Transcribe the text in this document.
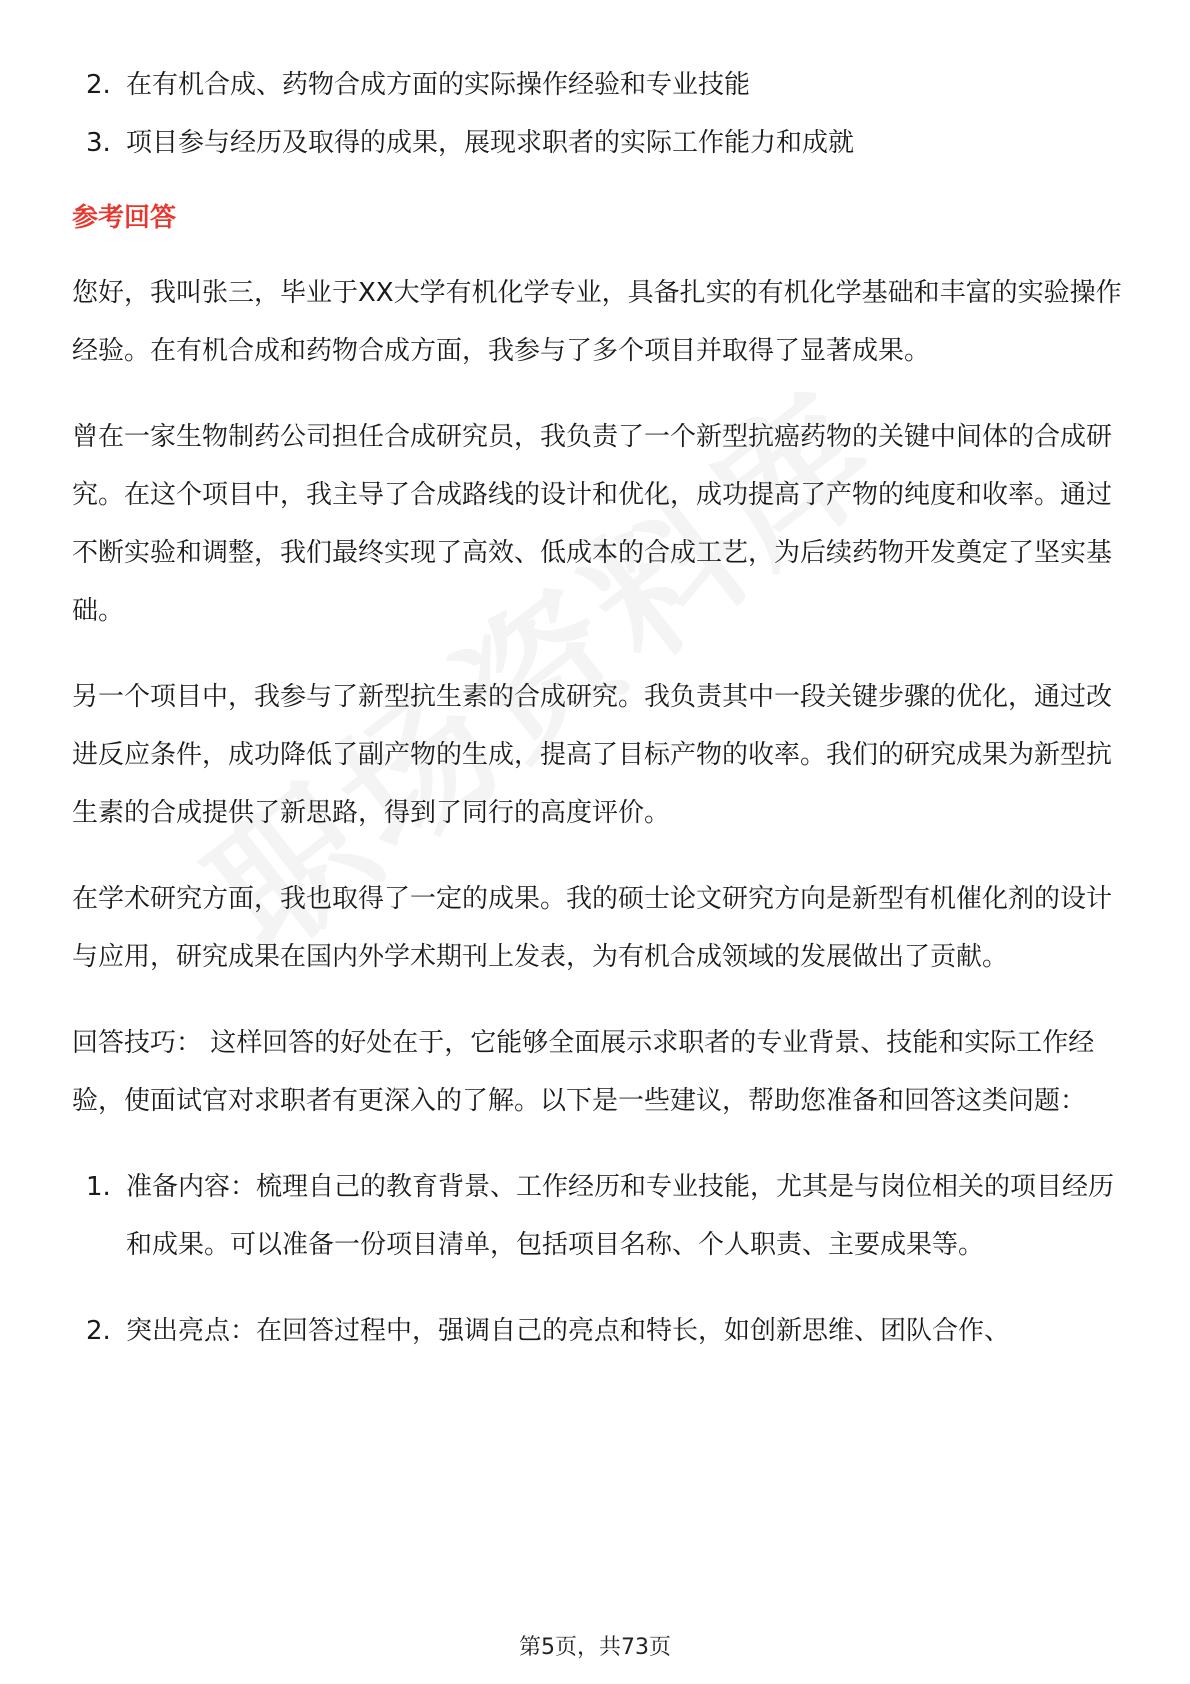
2. 在有机合成、药物合成方面的实际操作经验和专业技能
3. 项目参与经历及取得的成果，展现求职者的实际工作能力和成就
参考回答

您好，我叫张三，毕业于XX大学有机化学专业，具备扎实的有机化学基础和丰富的实验操作经验。在有机合成和药物合成方面，我参与了多个项目并取得了显著成果。

曾在一家生物制药公司担任合成研究员，我负责了一个新型抗癌药物的关键中间体的合成研究。在这个项目中，我主导了合成路线的设计和优化，成功提高了产物的纯度和收率。通过不断实验和调整，我们最终实现了高效、低成本的合成工艺，为后续药物开发奠定了坚实基础。

另一个项目中，我参与了新型抗生素的合成研究。我负责其中一段关键步骤的优化，通过改进反应条件，成功降低了副产物的生成，提高了目标产物的收率。我们的研究成果为新型抗生素的合成提供了新思路，得到了同行的高度评价。

在学术研究方面，我也取得了一定的成果。我的硕士论文研究方向是新型有机催化剂的设计与应用，研究成果在国内外学术期刊上发表，为有机合成领域的发展做出了贡献。

回答技巧： 这样回答的好处在于，它能够全面展示求职者的专业背景、技能和实际工作经验，使面试官对求职者有更深入的了解。以下是一些建议，帮助您准备和回答这类问题：

1. 准备内容：梳理自己的教育背景、工作经历和专业技能，尤其是与岗位相关的项目经历和成果。可以准备一份项目清单，包括项目名称、个人职责、主要成果等。
2. 突出亮点：在回答过程中，强调自己的亮点和特长，如创新思维、团队合作、
第5页，共73页
